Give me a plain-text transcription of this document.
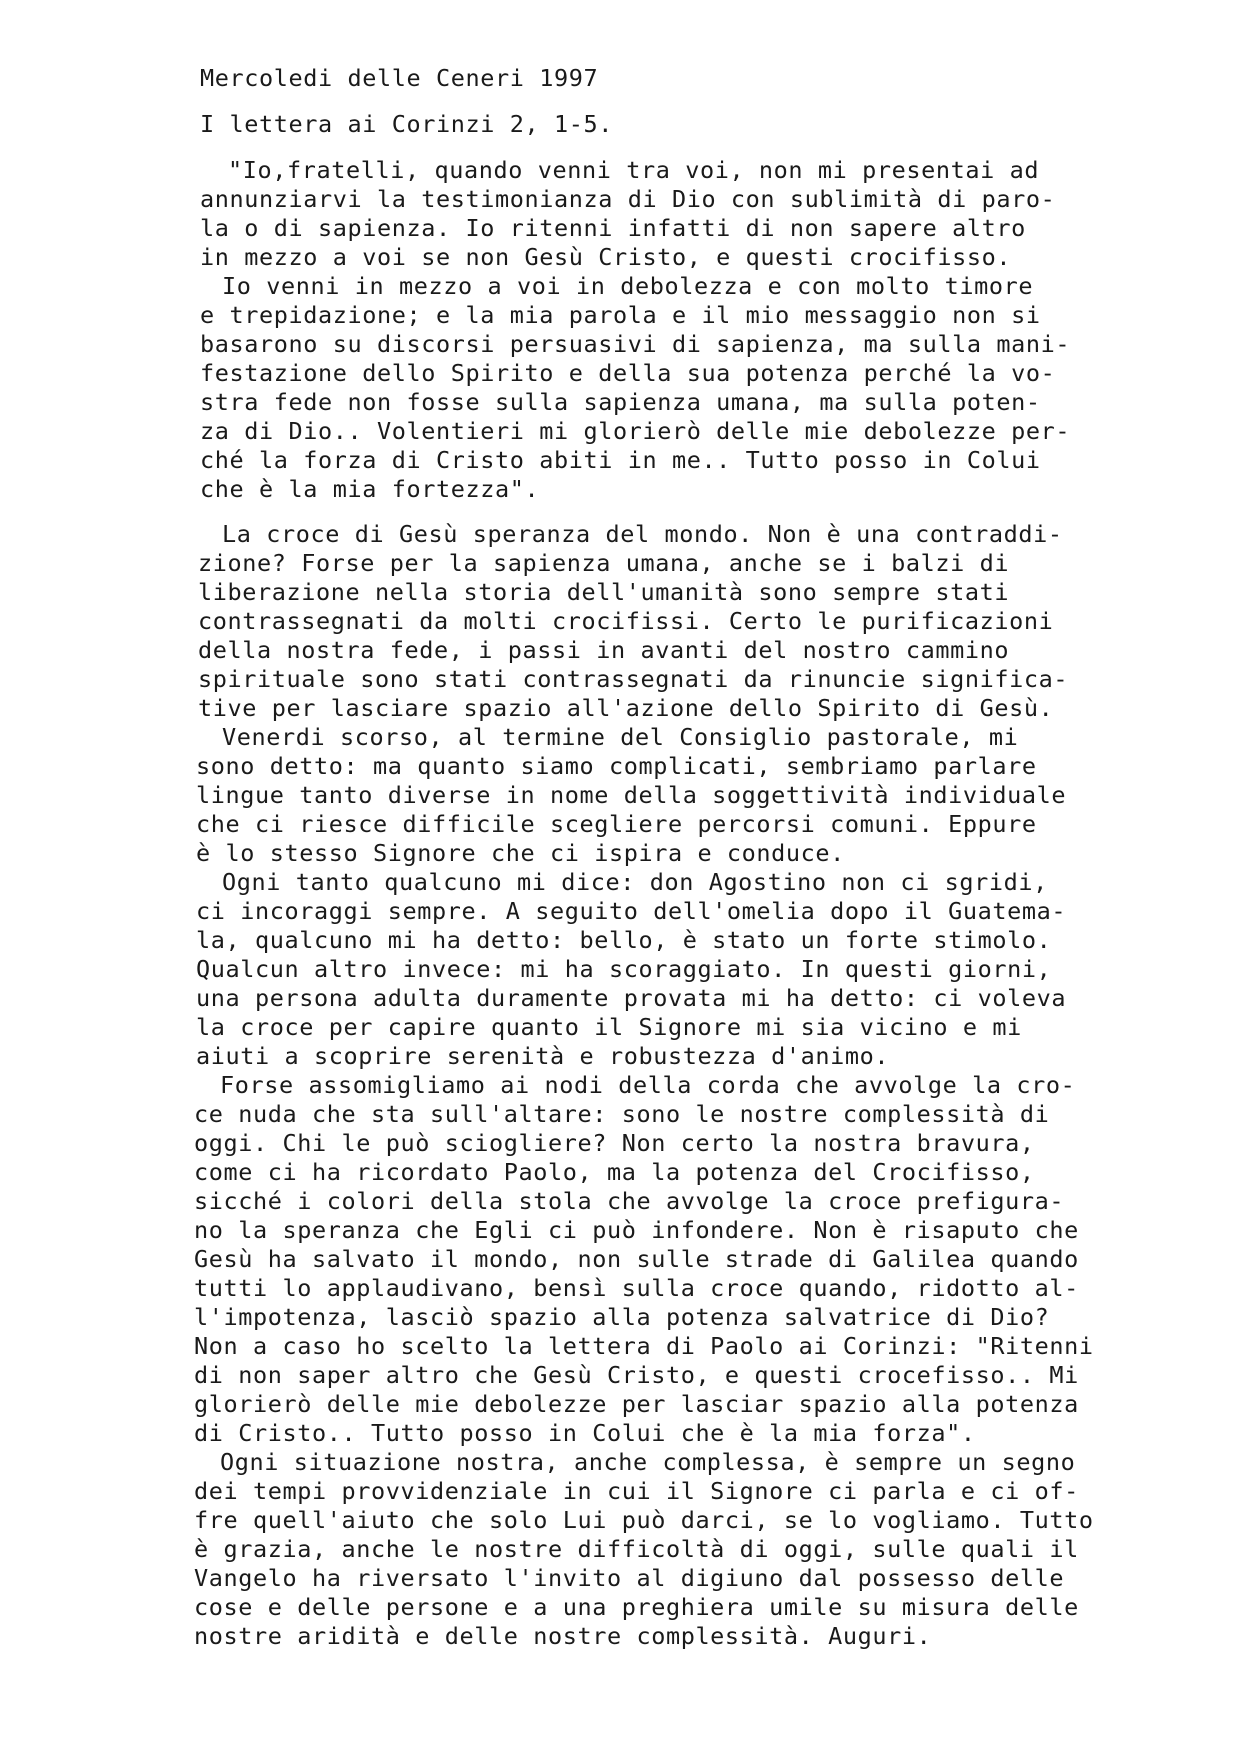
Mercoledi delle Ceneri 1997

I lettera ai Corinzi 2, 1-5.

"Io,fratelli, quando venni tra voi, non mi presentai ad

annunziarvi la testimonianza di Dio con sublimità di paro-

la o di sapienza. Io ritenni infatti di non sapere altro

in mezzo a voi se non Gesù Cristo, e questi crocifisso.

Io venni in mezzo a voi in debolezza e con molto timore

e trepidazione; e la mia parola e il mio messaggio non si

basarono su discorsi persuasivi di sapienza, ma sulla mani-

festazione dello Spirito e della sua potenza perché la vo-

stra fede non fosse sulla sapienza umana, ma sulla poten-

za di Dio.. Volentieri mi glorierò delle mie debolezze per-

ché la forza di Cristo abiti in me.. Tutto posso in Colui

che è la mia fortezza".

La croce di Gesù speranza del mondo. Non è una contraddi-

zione? Forse per la sapienza umana, anche se i balzi di

liberazione nella storia dell'umanità sono sempre stati

contrassegnati da molti crocifissi. Certo le purificazioni

della nostra fede, i passi in avanti del nostro cammino

spirituale sono stati contrassegnati da rinuncie significa-

tive per lasciare spazio all'azione dello Spirito di Gesù.

Venerdi scorso, al termine del Consiglio pastorale, mi

sono detto: ma quanto siamo complicati, sembriamo parlare

lingue tanto diverse in nome della soggettività individuale

che ci riesce difficile scegliere percorsi comuni. Eppure

è lo stesso Signore che ci ispira e conduce.

Ogni tanto qualcuno mi dice: don Agostino non ci sgridi,

ci incoraggi sempre. A seguito dell'omelia dopo il Guatema-

la, qualcuno mi ha detto: bello, è stato un forte stimolo.

Qualcun altro invece: mi ha scoraggiato. In questi giorni,

una persona adulta duramente provata mi ha detto: ci voleva

la croce per capire quanto il Signore mi sia vicino e mi

aiuti a scoprire serenità e robustezza d'animo.

Forse assomigliamo ai nodi della corda che avvolge la cro-

ce nuda che sta sull'altare: sono le nostre complessità di

oggi. Chi le può sciogliere? Non certo la nostra bravura,

come ci ha ricordato Paolo, ma la potenza del Crocifisso,

sicché i colori della stola che avvolge la croce prefigura-

no la speranza che Egli ci può infondere. Non è risaputo che

Gesù ha salvato il mondo, non sulle strade di Galilea quando

tutti lo applaudivano, bensì sulla croce quando, ridotto al-

l'impotenza, lasciò spazio alla potenza salvatrice di Dio?

Non a caso ho scelto la lettera di Paolo ai Corinzi: "Ritenni

di non saper altro che Gesù Cristo, e questi crocefisso.. Mi

glorierò delle mie debolezze per lasciar spazio alla potenza

di Cristo.. Tutto posso in Colui che è la mia forza".

Ogni situazione nostra, anche complessa, è sempre un segno

dei tempi provvidenziale in cui il Signore ci parla e ci of-

fre quell'aiuto che solo Lui può darci, se lo vogliamo. Tutto

è grazia, anche le nostre difficoltà di oggi, sulle quali il

Vangelo ha riversato l'invito al digiuno dal possesso delle

cose e delle persone e a una preghiera umile su misura delle

nostre aridità e delle nostre complessità. Auguri.
